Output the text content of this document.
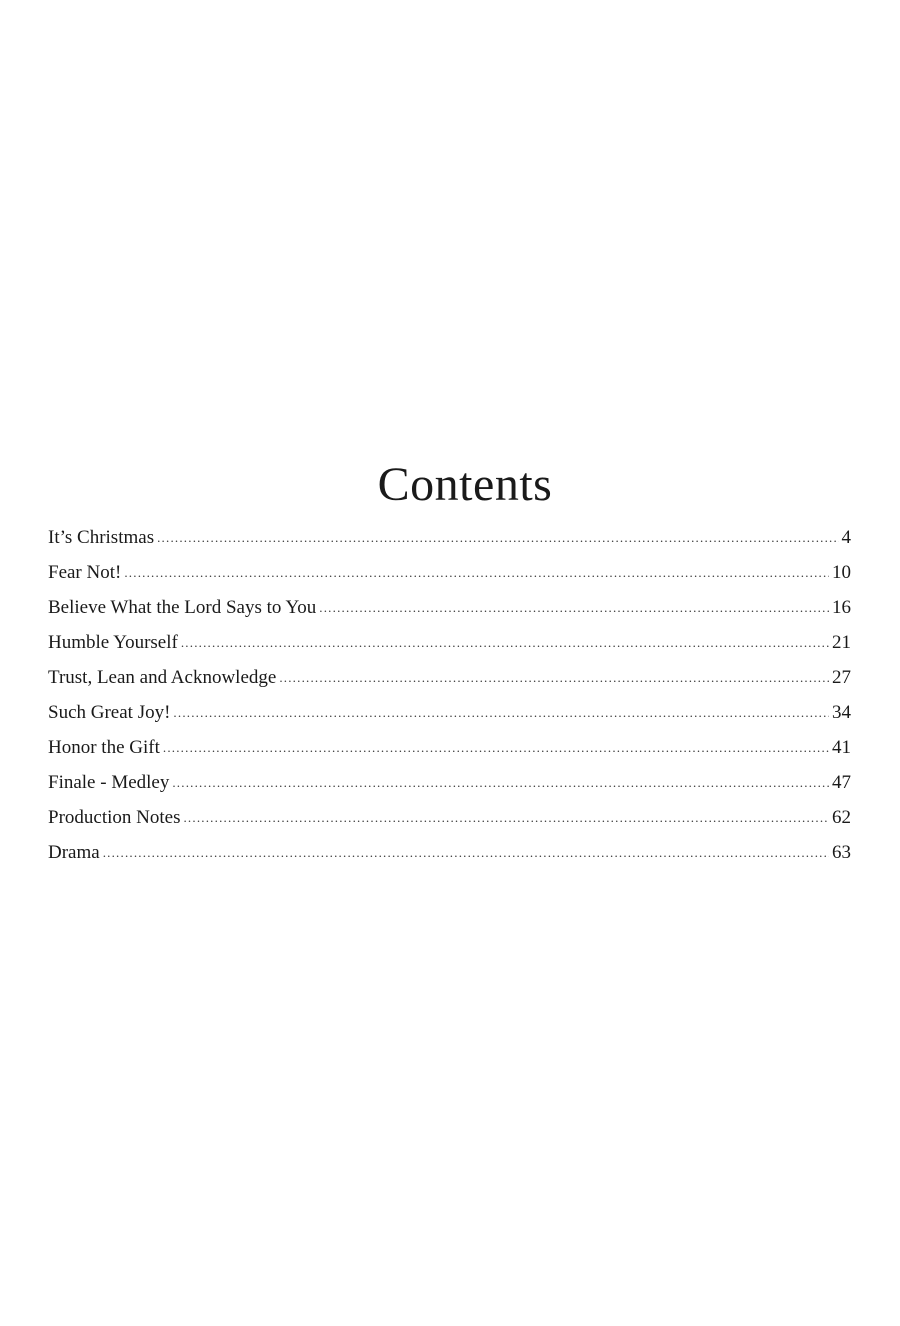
Contents
It’s Christmas .....	4
Fear Not! .....	10
Believe What the Lord Says to You .....	16
Humble Yourself .....	21
Trust, Lean and Acknowledge .....	27
Such Great Joy! .....	34
Honor the Gift .....	41
Finale - Medley .....	47
Production Notes .....	62
Drama .....	63
